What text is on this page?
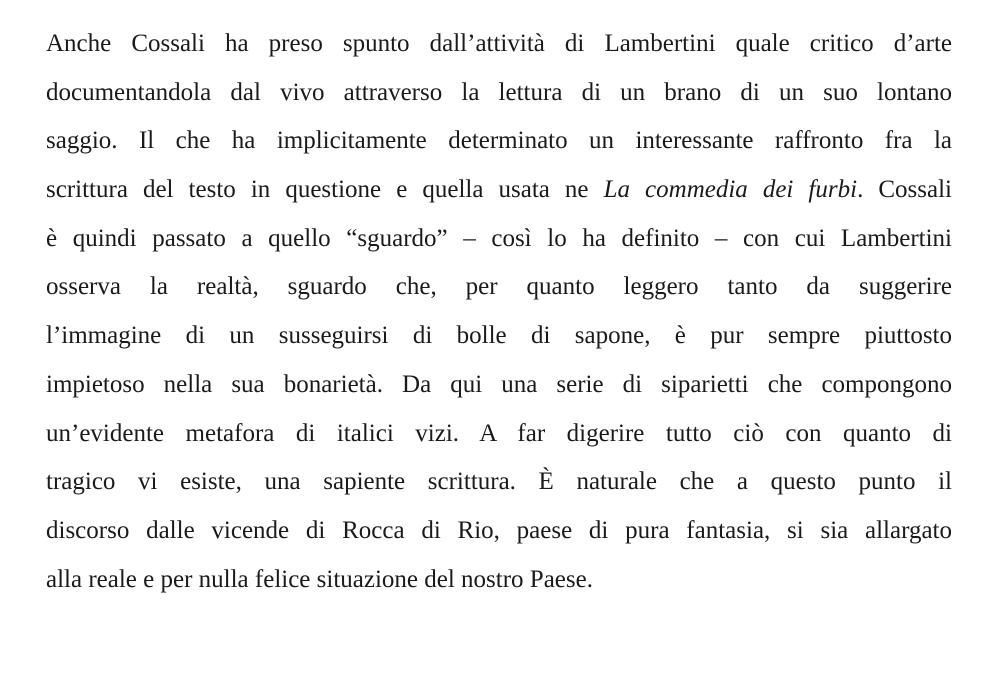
Anche Cossali ha preso spunto dall’attività di Lambertini quale critico d’arte
documentandola dal vivo attraverso la lettura di un brano di un suo lontano
saggio. Il che ha implicitamente determinato un interessante raffronto fra la
scrittura del testo in questione e quella usata ne La commedia dei furbi. Cossali
è quindi passato a quello “sguardo” – così lo ha definito – con cui Lambertini
osserva la realtà, sguardo che, per quanto leggero tanto da suggerire
l’immagine di un susseguirsi di bolle di sapone, è pur sempre piuttosto
impietoso nella sua bonarietà. Da qui una serie di siparietti che compongono
un’evidente metafora di italici vizi. A far digerire tutto ciò con quanto di
tragico vi esiste, una sapiente scrittura. È naturale che a questo punto il
discorso dalle vicende di Rocca di Rio, paese di pura fantasia, si sia allargato
alla reale e per nulla felice situazione del nostro Paese.
